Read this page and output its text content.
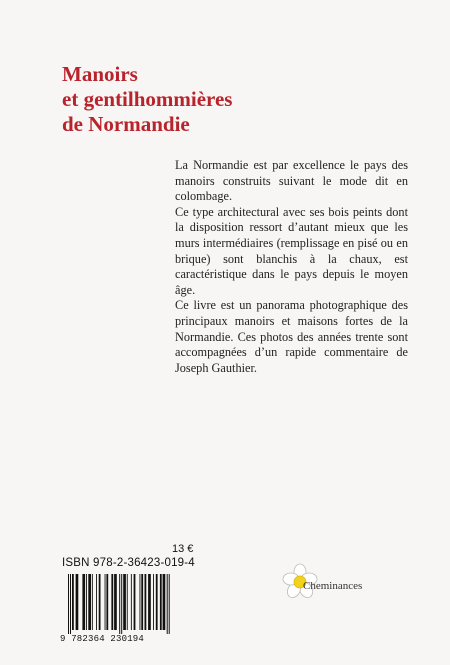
Manoirs
et gentilhommières
de Normandie

La Normandie est par excellence le pays des manoirs construits suivant le mode dit en colombage.

Ce type architectural avec ses bois peints dont la disposition ressort d’autant mieux que les murs intermédiaires (remplissage en pisé ou en brique) sont blanchis à la chaux, est caractéristique dans le pays depuis le moyen âge.

Ce livre est un panorama photographique des principaux manoirs et maisons fortes de la Normandie. Ces photos des années trente sont accompagnées d’un rapide commentaire de Joseph Gauthier.

13 €
ISBN 978-2-36423-019-4
9 782364 230194
Cheminances
